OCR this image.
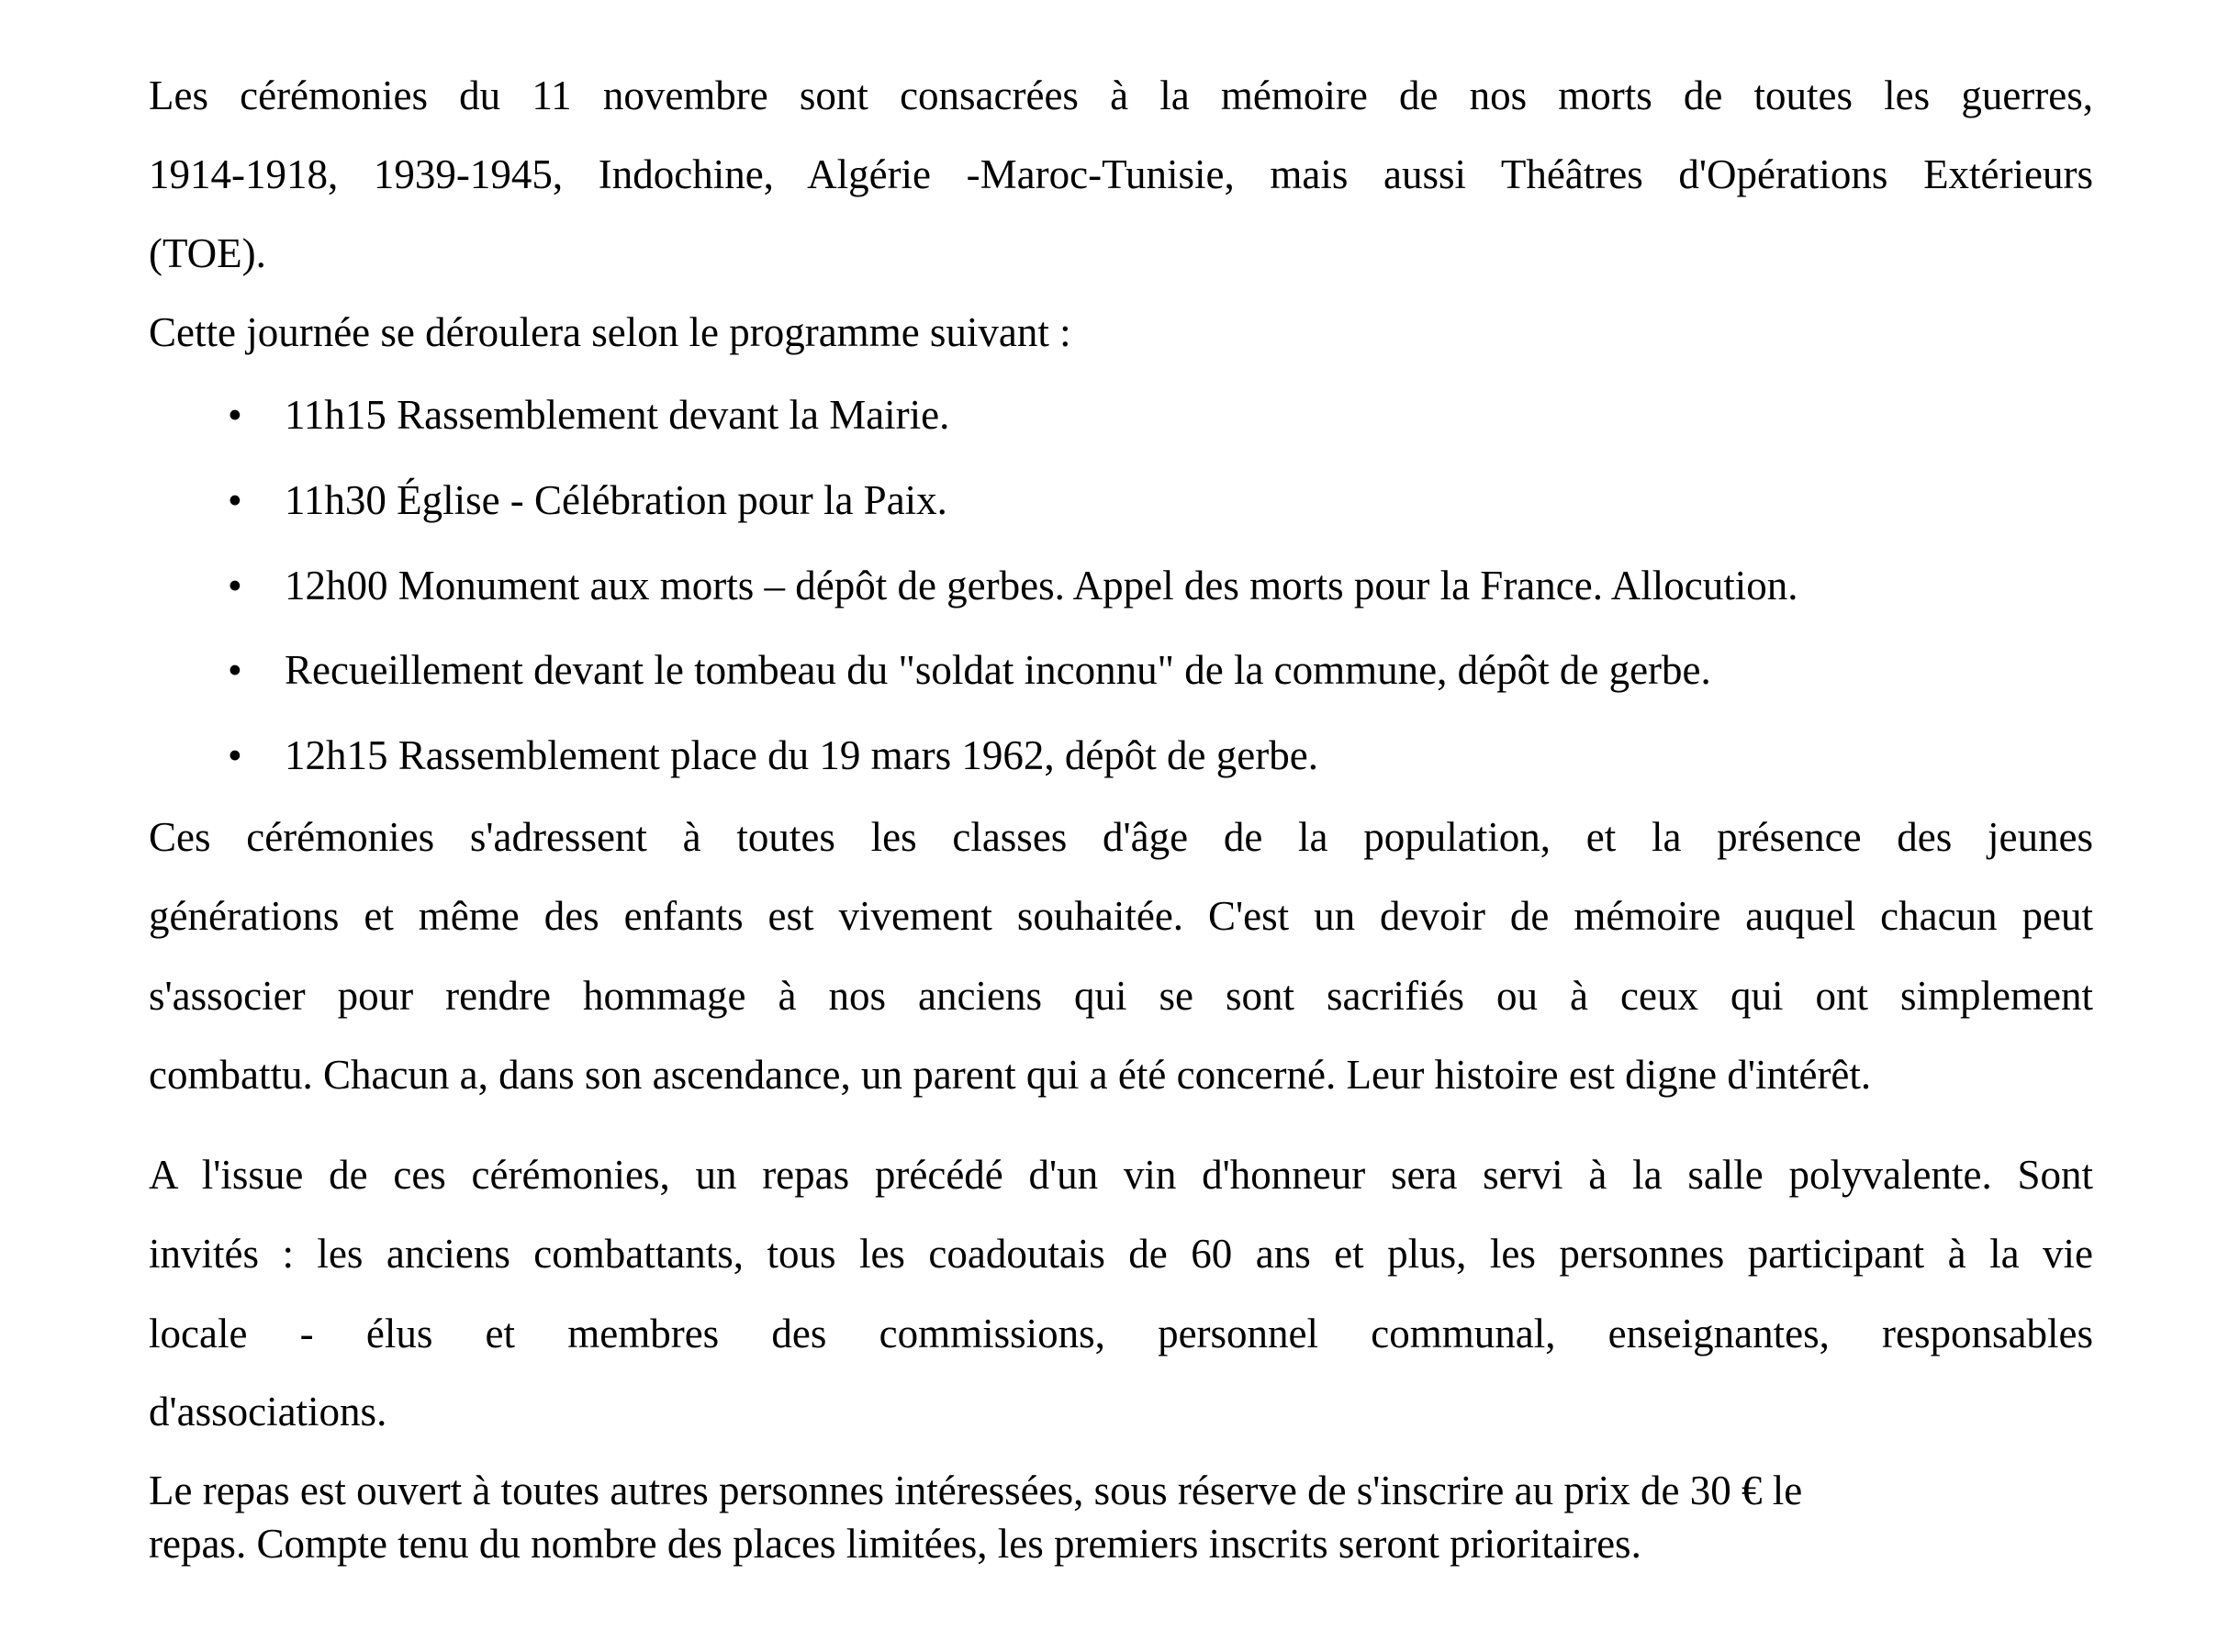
Les cérémonies du 11 novembre sont consacrées à la mémoire de nos morts de toutes les guerres,
1914-1918, 1939-1945, Indochine, Algérie -Maroc-Tunisie, mais aussi Théâtres d'Opérations Extérieurs
(TOE).
Cette journée se déroulera selon le programme suivant :
• 11h15 Rassemblement devant la Mairie.
• 11h30 Église - Célébration pour la Paix.
• 12h00 Monument aux morts – dépôt de gerbes. Appel des morts pour la France. Allocution.
• Recueillement devant le tombeau du "soldat inconnu" de la commune, dépôt de gerbe.
• 12h15 Rassemblement place du 19 mars 1962, dépôt de gerbe.
Ces cérémonies s'adressent à toutes les classes d'âge de la population, et la présence des jeunes
générations et même des enfants est vivement souhaitée. C'est un devoir de mémoire auquel chacun peut
s'associer pour rendre hommage à nos anciens qui se sont sacrifiés ou à ceux qui ont simplement
combattu. Chacun a, dans son ascendance, un parent qui a été concerné. Leur histoire est digne d'intérêt.
A l'issue de ces cérémonies, un repas précédé d'un vin d'honneur sera servi à la salle polyvalente. Sont
invités : les anciens combattants, tous les coadoutais de 60 ans et plus, les personnes participant à la vie
locale - élus et membres des commissions, personnel communal, enseignantes, responsables
d'associations.
Le repas est ouvert à toutes autres personnes intéressées, sous réserve de s'inscrire au prix de 30 € le
repas. Compte tenu du nombre des places limitées, les premiers inscrits seront prioritaires.
